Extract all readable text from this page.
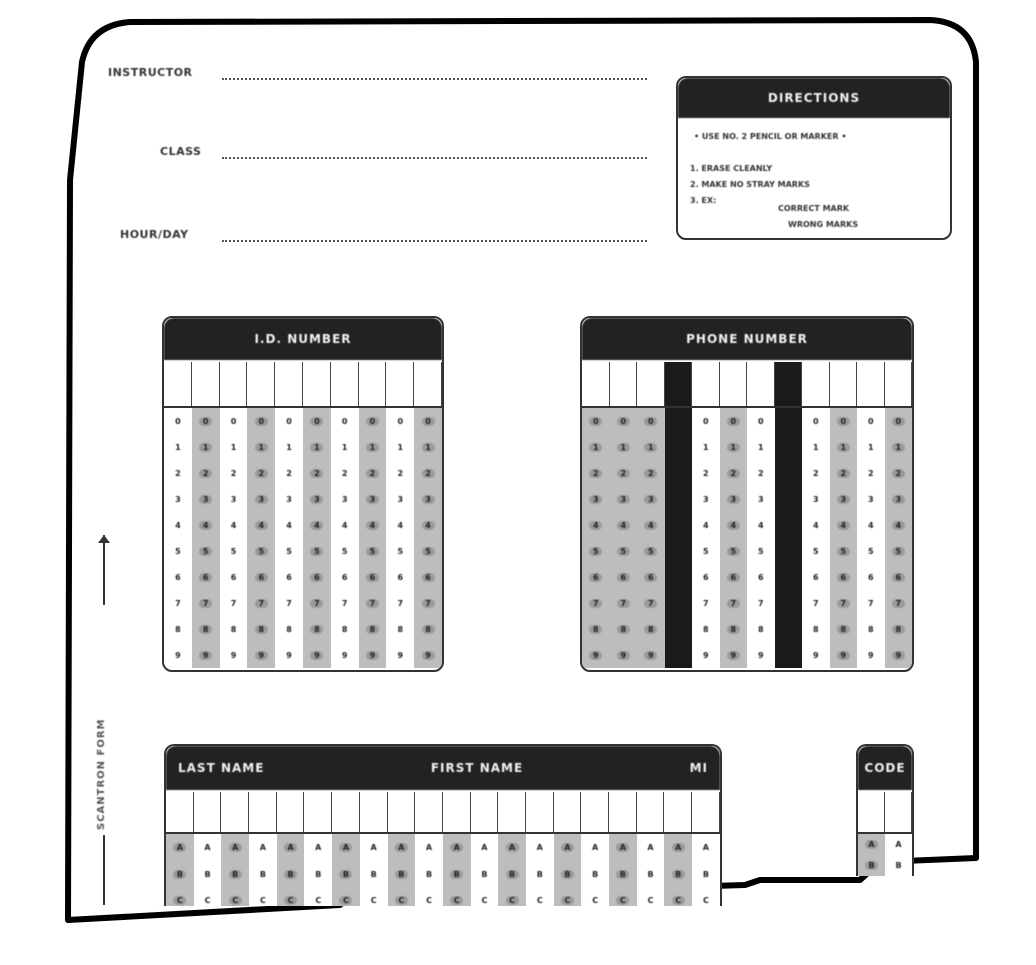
INSTRUCTOR
CLASS
HOUR/DAY
DIRECTIONS
• USE NO. 2 PENCIL OR MARKER •
1. ERASE CLEANLY
2. MAKE NO STRAY MARKS
3. EX:
CORRECT MARK
WRONG MARKS
I.D. NUMBER
0
1
2
3
4
5
6
7
8
9
0
1
2
3
4
5
6
7
8
9
0
1
2
3
4
5
6
7
8
9
0
1
2
3
4
5
6
7
8
9
0
1
2
3
4
5
6
7
8
9
0
1
2
3
4
5
6
7
8
9
0
1
2
3
4
5
6
7
8
9
0
1
2
3
4
5
6
7
8
9
0
1
2
3
4
5
6
7
8
9
0
1
2
3
4
5
6
7
8
9
PHONE NUMBER
0
1
2
3
4
5
6
7
8
9
0
1
2
3
4
5
6
7
8
9
0
1
2
3
4
5
6
7
8
9
0
1
2
3
4
5
6
7
8
9
0
1
2
3
4
5
6
7
8
9
0
1
2
3
4
5
6
7
8
9
0
1
2
3
4
5
6
7
8
9
0
1
2
3
4
5
6
7
8
9
0
1
2
3
4
5
6
7
8
9
0
1
2
3
4
5
6
7
8
9
LAST NAME	FIRST NAME	MI
A
B
C
A
B
C
A
B
C
A
B
C
A
B
C
A
B
C
A
B
C
A
B
C
A
B
C
A
B
C
A
B
C
A
B
C
A
B
C
A
B
C
A
B
C
A
B
C
A
B
C
A
B
C
A
B
C
A
B
C
CODE
A
B
A
B
SCANTRON FORM
